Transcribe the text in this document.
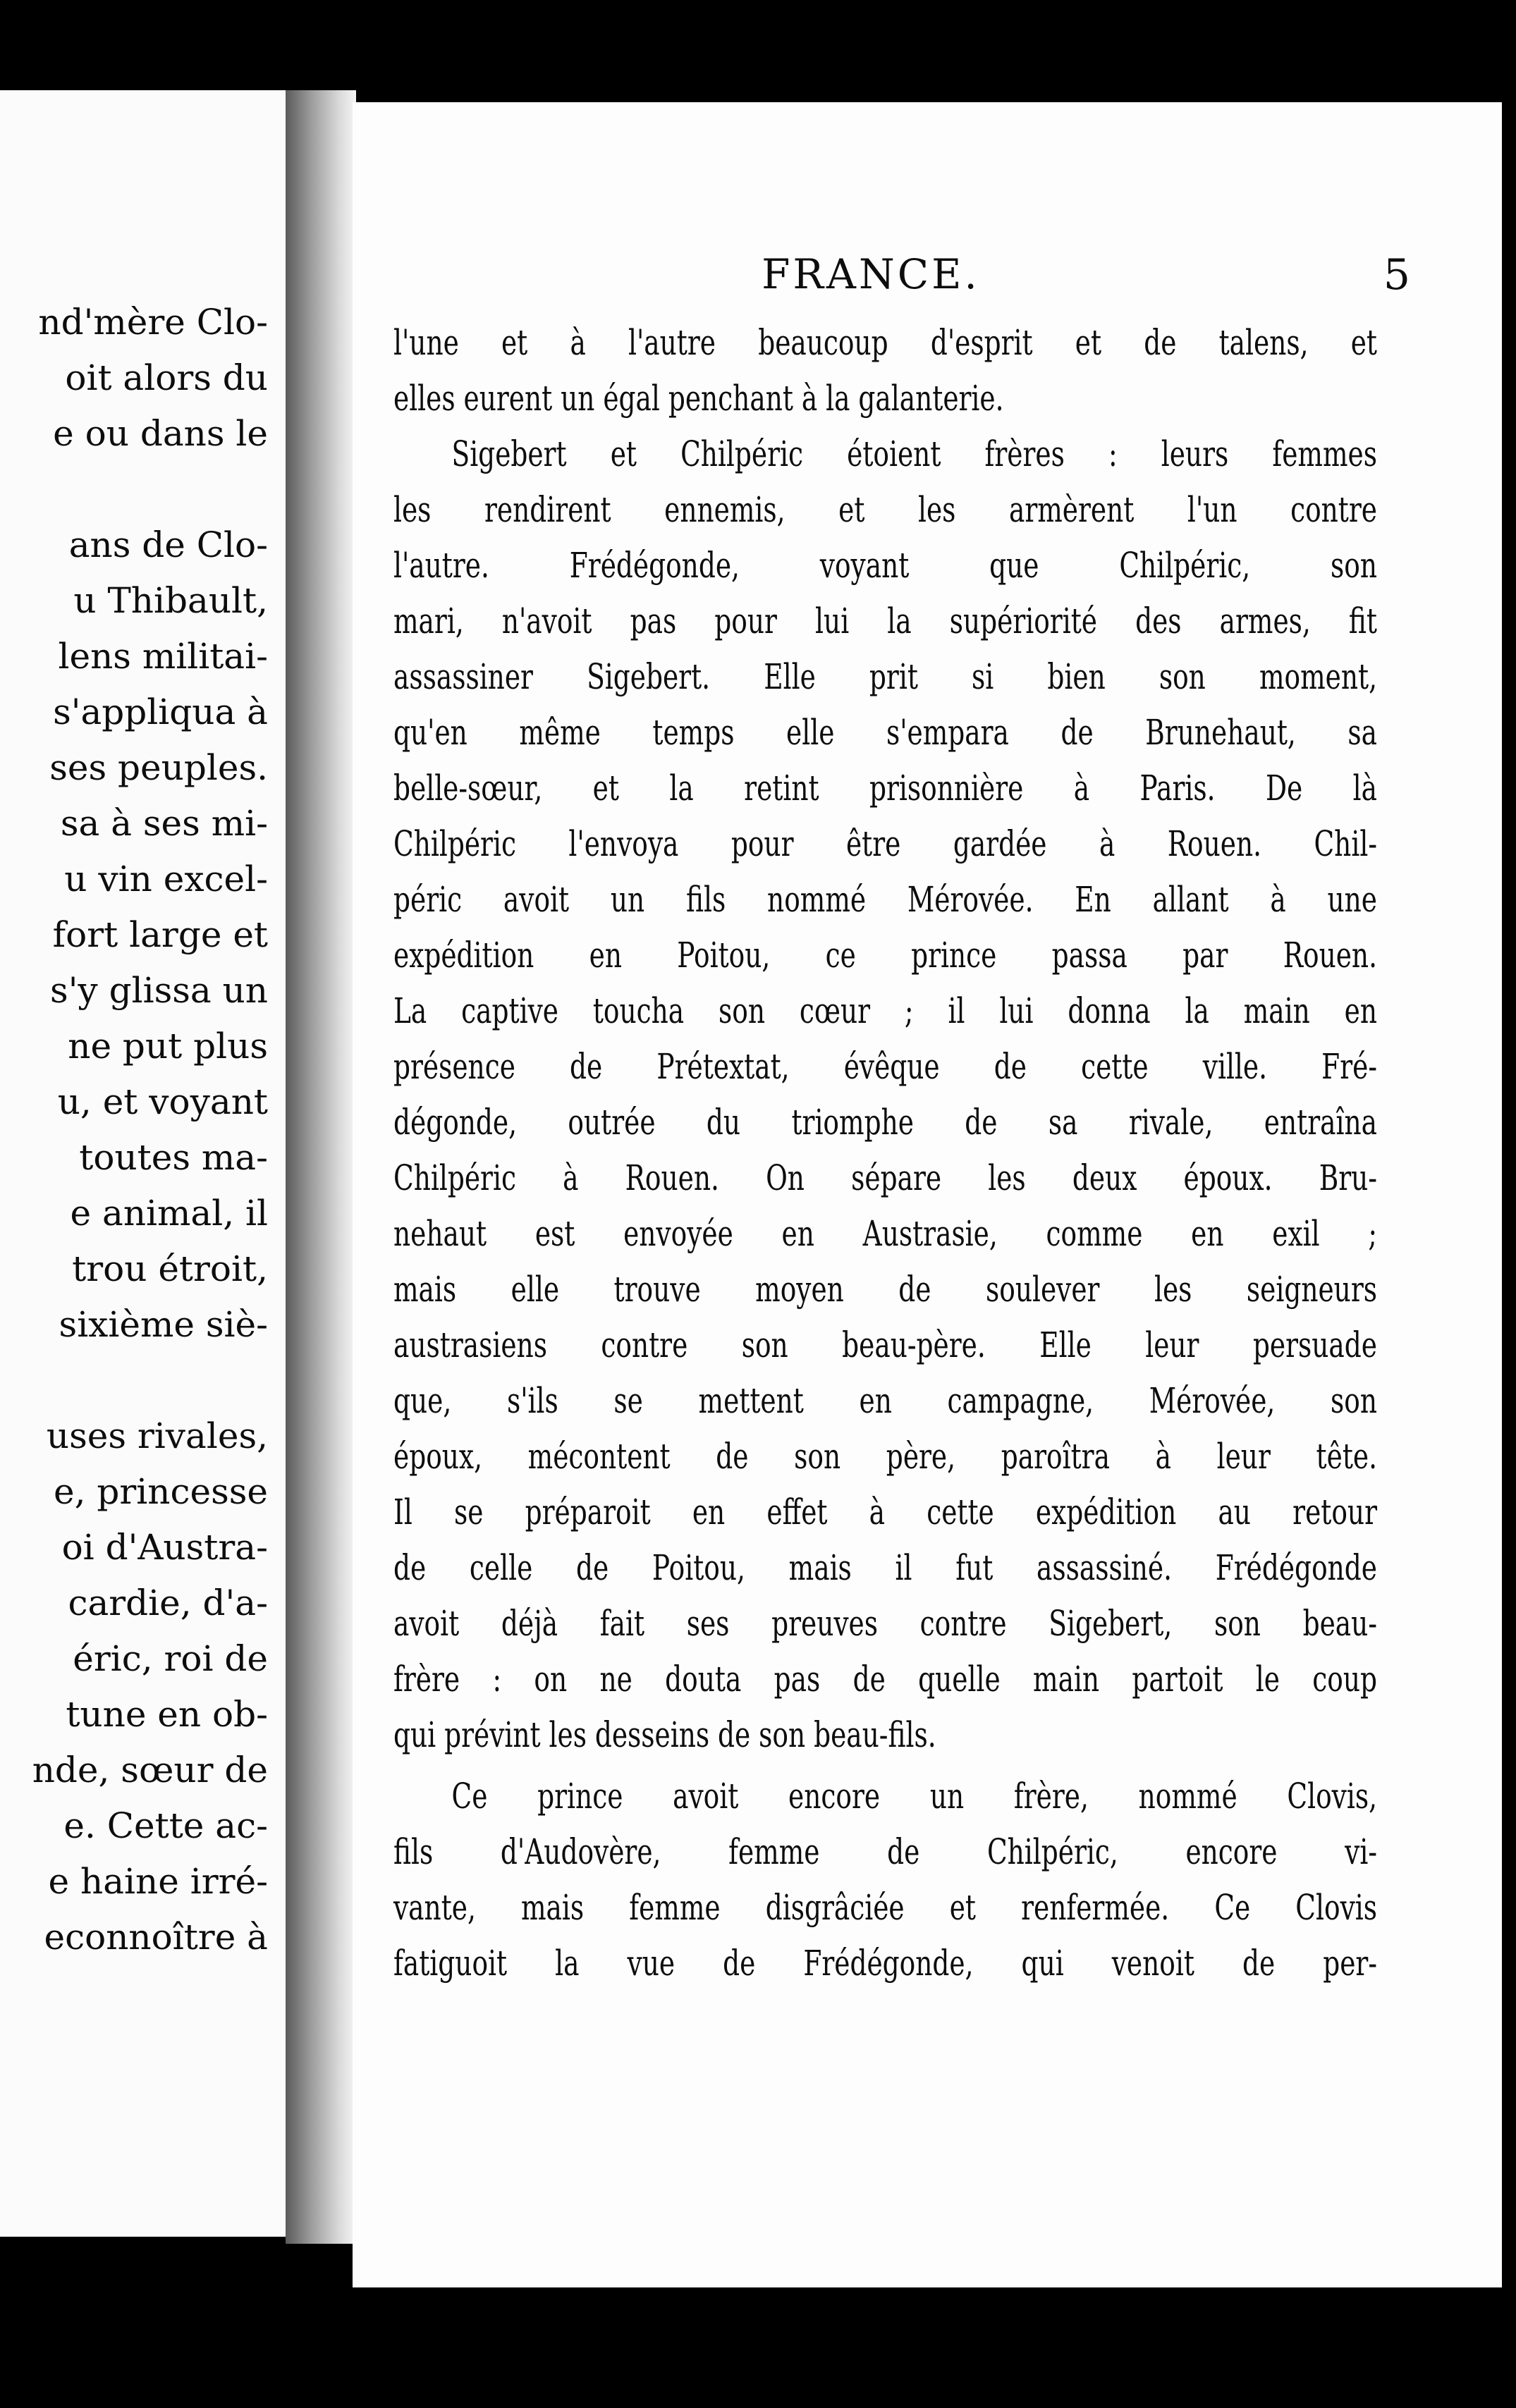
nd'mère Clo-
oit alors du
e ou dans le
ans de Clo-
u Thibault,
lens militai-
s'appliqua à
ses peuples.
sa à ses mi-
u vin excel-
fort large et
s'y glissa un
ne put plus
u, et voyant
toutes ma-
e animal, il
trou étroit,
sixième siè-
uses rivales,
e, princesse
oi d'Austra-
cardie, d'a-
éric, roi de
tune en ob-
nde, sœur de
e. Cette ac-
e haine irré-
econnoître à
FRANCE.	5
l'une et à l'autre beaucoup d'esprit et de talens, et
elles eurent un égal penchant à la galanterie.
Sigebert et Chilpéric étoient frères : leurs femmes
les rendirent ennemis, et les armèrent l'un contre
l'autre. Frédégonde, voyant que Chilpéric, son
mari, n'avoit pas pour lui la supériorité des armes, fit
assassiner Sigebert. Elle prit si bien son moment,
qu'en même temps elle s'empara de Brunehaut, sa
belle-sœur, et la retint prisonnière à Paris. De là
Chilpéric l'envoya pour être gardée à Rouen. Chil-
péric avoit un fils nommé Mérovée. En allant à une
expédition en Poitou, ce prince passa par Rouen.
La captive toucha son cœur ; il lui donna la main en
présence de Prétextat, évêque de cette ville. Fré-
dégonde, outrée du triomphe de sa rivale, entraîna
Chilpéric à Rouen. On sépare les deux époux. Bru-
nehaut est envoyée en Austrasie, comme en exil ;
mais elle trouve moyen de soulever les seigneurs
austrasiens contre son beau-père. Elle leur persuade
que, s'ils se mettent en campagne, Mérovée, son
époux, mécontent de son père, paroîtra à leur tête.
Il se préparoit en effet à cette expédition au retour
de celle de Poitou, mais il fut assassiné. Frédégonde
avoit déjà fait ses preuves contre Sigebert, son beau-
frère : on ne douta pas de quelle main partoit le coup
qui prévint les desseins de son beau-fils.
Ce prince avoit encore un frère, nommé Clovis,
fils d'Audovère, femme de Chilpéric, encore vi-
vante, mais femme disgrâciée et renfermée. Ce Clovis
fatiguoit la vue de Frédégonde, qui venoit de per-
